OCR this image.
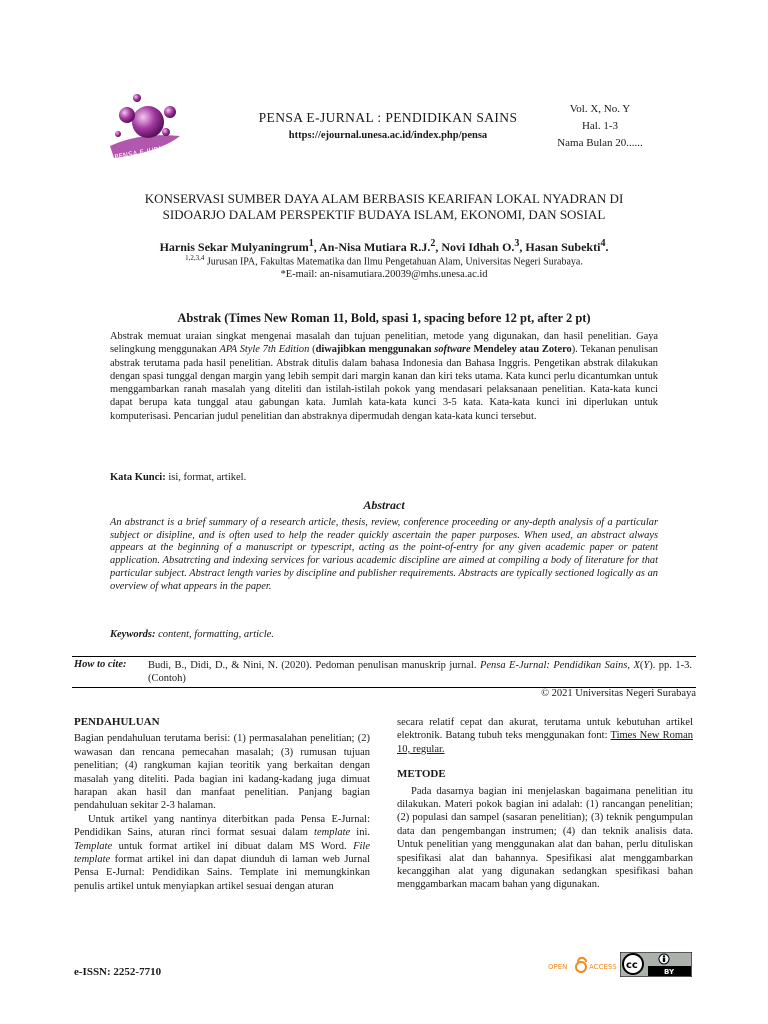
PENSA E-JURNAL
PENSA E-JURNAL : PENDIDIKAN SAINS
https://ejournal.unesa.ac.id/index.php/pensa
Vol. X, No. Y
Hal. 1-3
Nama Bulan 20......
KONSERVASI SUMBER DAYA ALAM BERBASIS KEARIFAN LOKAL NYADRAN DI
SIDOARJO DALAM PERSPEKTIF BUDAYA ISLAM, EKONOMI, DAN SOSIAL
Harnis Sekar Mulyaningrum$^1$, An-Nisa Mutiara R.J.$^2$, Novi Idhah O.$^3$, Hasan Subekti$^4$.
$^{1,2,3,4}$ Jurusan IPA, Fakultas Matematika dan Ilmu Pengetahuan Alam, Universitas Negeri Surabaya.
*E-mail: an-nisamutiara.20039@mhs.unesa.ac.id
Abstrak (Times New Roman 11, Bold, spasi 1, spacing before 12 pt, after 2 pt)
Abstrak memuat uraian singkat mengenai masalah dan tujuan penelitian, metode yang digunakan, dan hasil penelitian. Gaya selingkung menggunakan APA Style 7th Edition (diwajibkan menggunakan software Mendeley atau Zotero). Tekanan penulisan abstrak terutama pada hasil penelitian. Abstrak ditulis dalam bahasa Indonesia dan Bahasa Inggris. Pengetikan abstrak dilakukan dengan spasi tunggal dengan margin yang lebih sempit dari margin kanan dan kiri teks utama. Kata kunci perlu dicantumkan untuk menggambarkan ranah masalah yang diteliti dan istilah-istilah pokok yang mendasari pelaksanaan penelitian. Kata-kata kunci dapat berupa kata tunggal atau gabungan kata. Jumlah kata-kata kunci 3-5 kata. Kata-kata kunci ini diperlukan untuk komputerisasi. Pencarian judul penelitian dan abstraknya dipermudah dengan kata-kata kunci tersebut.
Kata Kunci: isi, format, artikel.
Abstract
An abstranct is a brief summary of a research article, thesis, review, conference proceeding or any-depth analysis of a particular subject or disipline, and is often used to help the reader quickly ascertain the paper purposes. When used, an abstract always appears at the beginning of a manuscript or typescript, acting as the point-of-entry for any given academic paper or patent application. Absatrcting and indexing services for various academic discipline are aimed at compiling a body of literature for that particular subject. Abstract length varies by discipline and publisher requirements. Abstracts are typically sectioned logically as an overview of what appears in the paper.
Keywords: content, formatting, article.
How to cite: Budi, B., Didi, D., & Nini, N. (2020). Pedoman penulisan manuskrip jurnal. Pensa E-Jurnal: Pendidikan Sains, X(Y). pp. 1-3. (Contoh)
© 2021 Universitas Negeri Surabaya

PENDAHULUAN

Bagian pendahuluan terutama berisi: (1) permasalahan penelitian; (2) wawasan dan rencana pemecahan masalah; (3) rumusan tujuan penelitian; (4) rangkuman kajian teoritik yang berkaitan dengan masalah yang diteliti. Pada bagian ini kadang-kadang juga dimuat harapan akan hasil dan manfaat penelitian. Panjang bagian pendahuluan sekitar 2-3 halaman.

Untuk artikel yang nantinya diterbitkan pada Pensa E-Jurnal: Pendidikan Sains, aturan rinci format sesuai dalam template ini. Template untuk format artikel ini dibuat dalam MS Word. File template format artikel ini dan dapat diunduh di laman web Jurnal Pensa E-Jurnal: Pendidikan Sains. Template ini memungkinkan penulis artikel untuk menyiapkan artikel sesuai dengan aturan

secara relatif cepat dan akurat, terutama untuk kebutuhan artikel elektronik. Batang tubuh teks menggunakan font: Times New Roman 10, regular.

METODE

Pada dasarnya bagian ini menjelaskan bagaimana penelitian itu dilakukan. Materi pokok bagian ini adalah: (1) rancangan penelitian; (2) populasi dan sampel (sasaran penelitian); (3) teknik pengumpulan data dan pengembangan instrumen; (4) dan teknik analisis data. Untuk penelitian yang menggunakan alat dan bahan, perlu dituliskan spesifikasi alat dan bahannya. Spesifikasi alat menggambarkan kecanggihan alat yang digunakan sedangkan spesifikasi bahan menggambarkan macam bahan yang digunakan.

e-ISSN: 2252-7710	OPEN	ACCESS cc
BY
